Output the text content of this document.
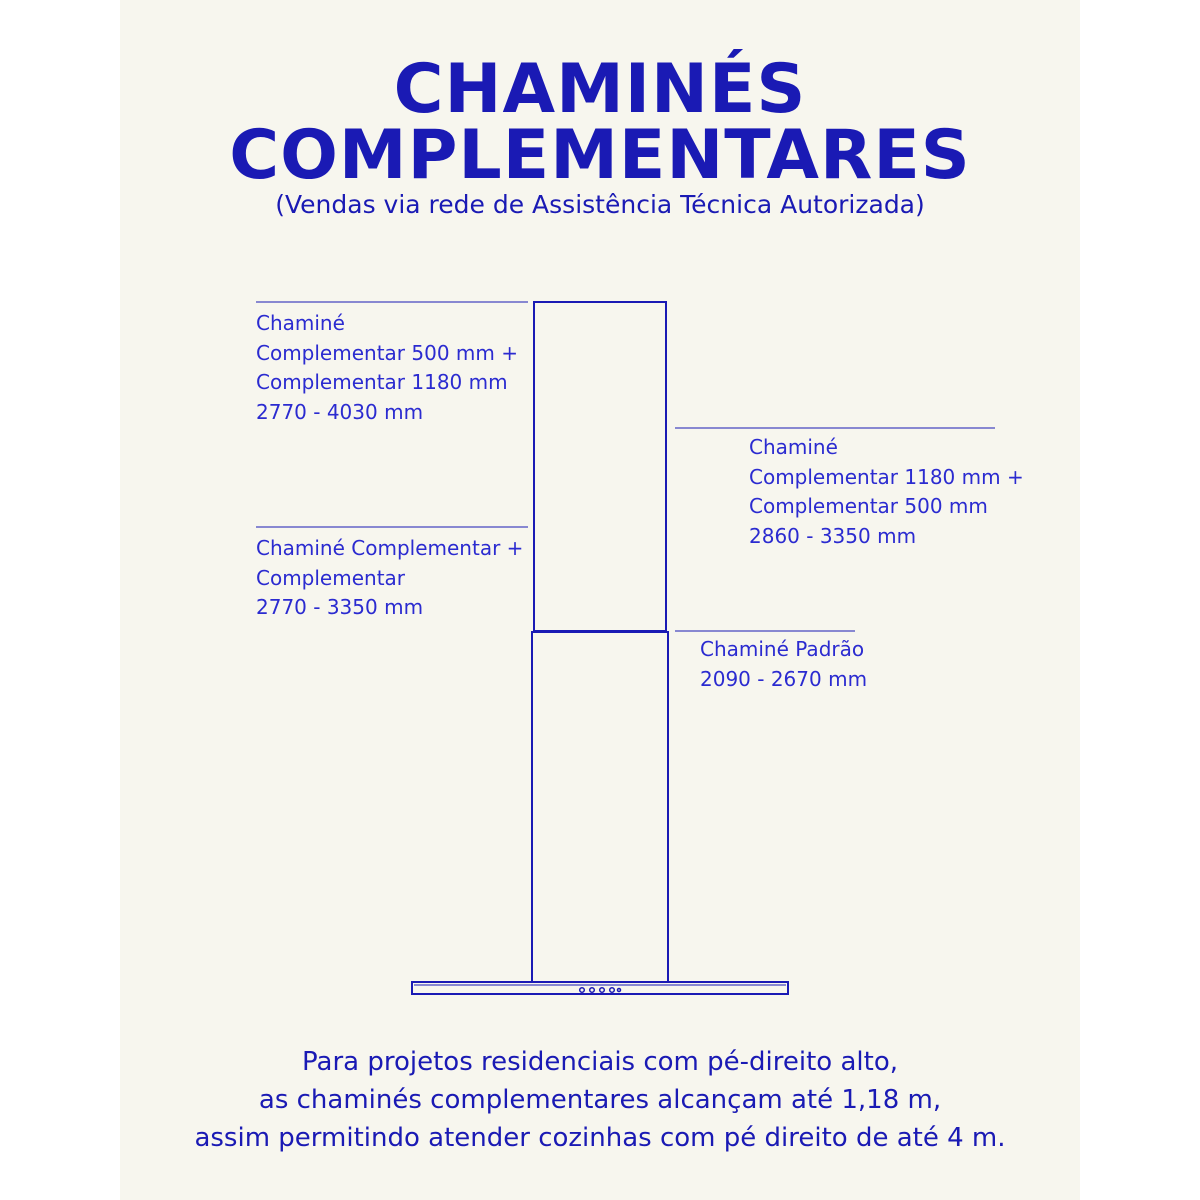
CHAMINÉS
COMPLEMENTARES

(Vendas via rede de Assistência Técnica Autorizada)

Chaminé
Complementar 500 mm +
Complementar 1180 mm
2770 - 4030 mm
Chaminé
Complementar 1180 mm +
Complementar 500 mm
2860 - 3350 mm
Chaminé Complementar +
Complementar
2770 - 3350 mm
Chaminé Padrão
2090 - 2670 mm
Para projetos residenciais com pé-direito alto,
as chaminés complementares alcançam até 1,18 m,
assim permitindo atender cozinhas com pé direito de até 4 m.
